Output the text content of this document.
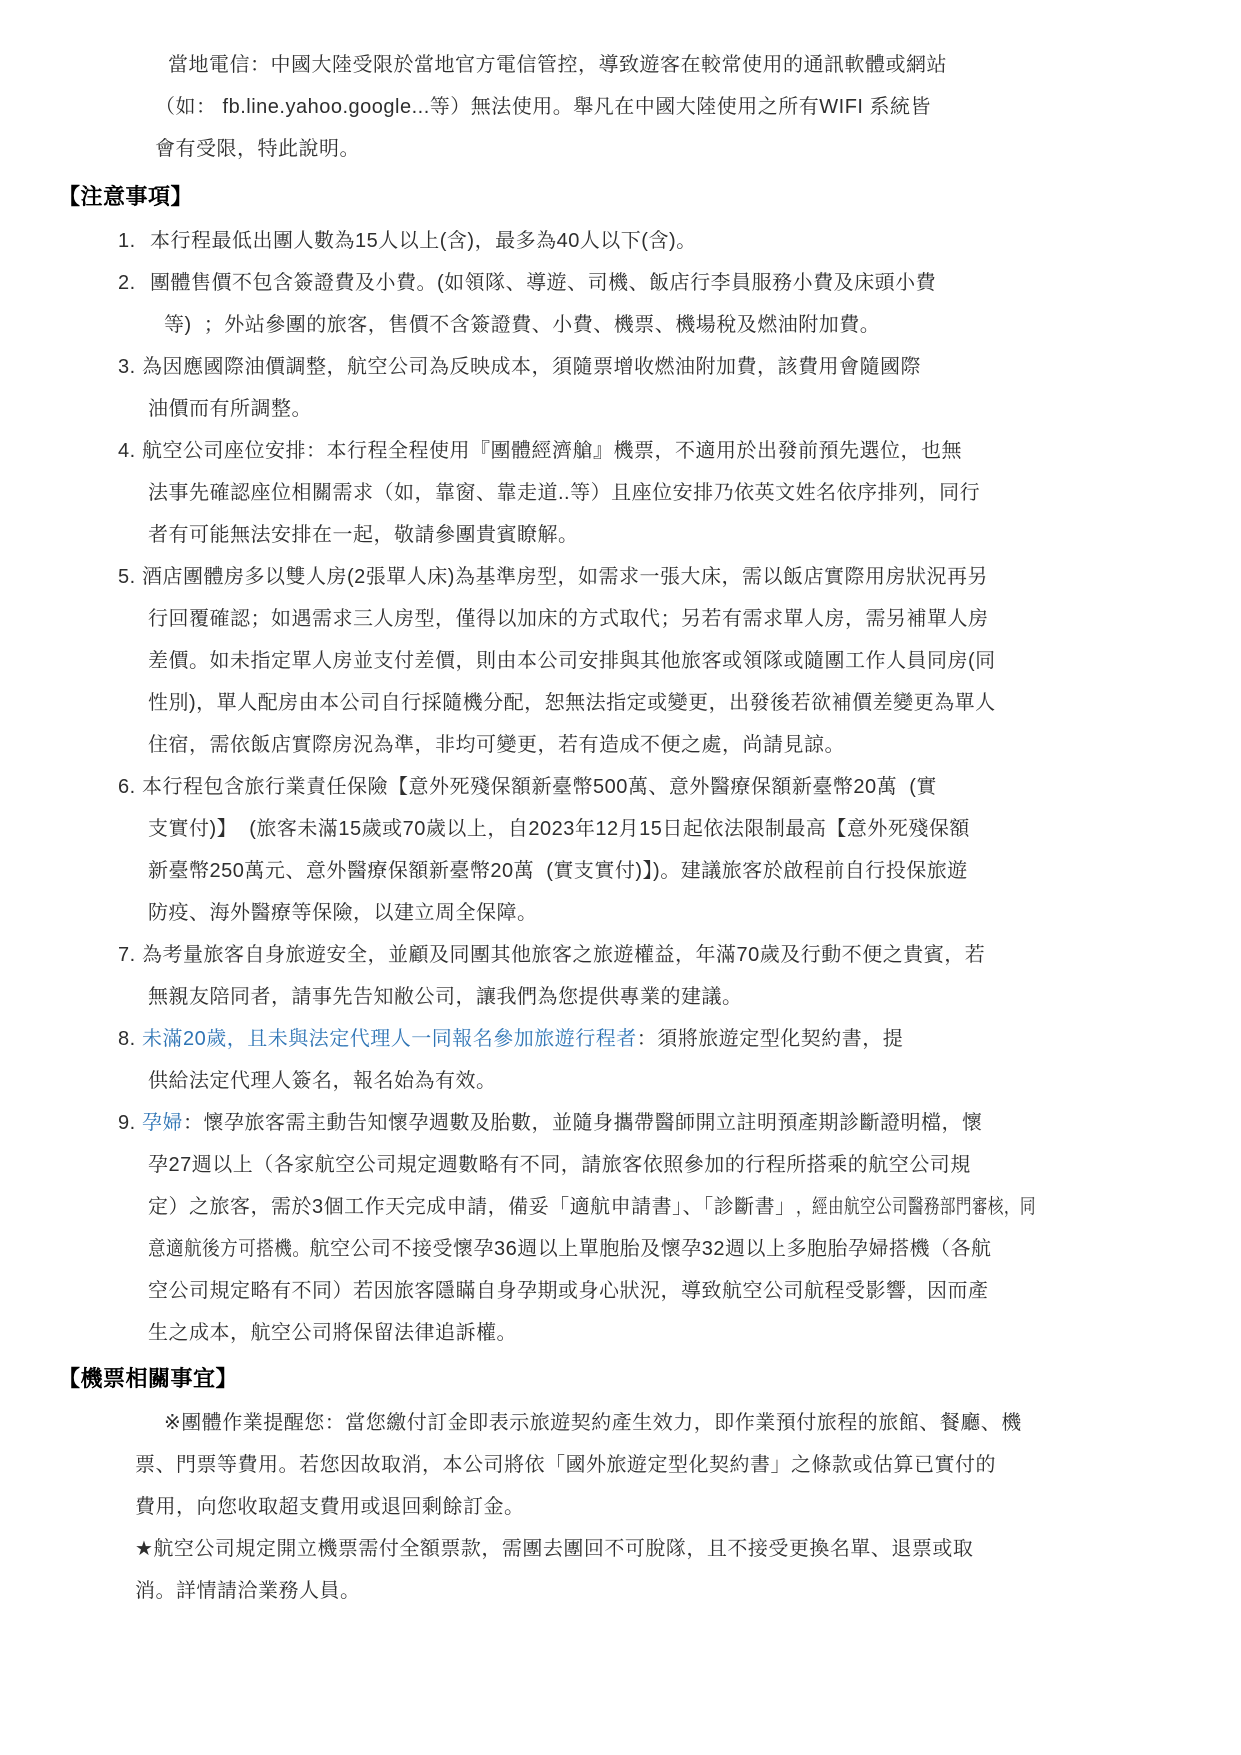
當地電信：中國大陸受限於當地官方電信管控，導致遊客在較常使用的通訊軟體或網站
（如： fb.line.yahoo.google...等）無法使用。舉凡在中國大陸使用之所有WIFI 系統皆
會有受限，特此說明。
【注意事項】
1. 本行程最低出團人數為15人以上(含)，最多為40人以下(含)。
2. 團體售價不包含簽證費及小費。(如領隊、導遊、司機、飯店行李員服務小費及床頭小費
等)  ；外站參團的旅客，售價不含簽證費、小費、機票、機場稅及燃油附加費。
3. 為因應國際油價調整，航空公司為反映成本，須隨票增收燃油附加費，該費用會隨國際
油價而有所調整。
4. 航空公司座位安排：本行程全程使用『團體經濟艙』機票，不適用於出發前預先選位，也無
法事先確認座位相關需求（如，靠窗、靠走道..等）且座位安排乃依英文姓名依序排列，同行
者有可能無法安排在一起，敬請參團貴賓瞭解。
5. 酒店團體房多以雙人房(2張單人床)為基準房型，如需求一張大床，需以飯店實際用房狀況再另
行回覆確認；如遇需求三人房型，僅得以加床的方式取代；另若有需求單人房，需另補單人房
差價。如未指定單人房並支付差價，則由本公司安排與其他旅客或領隊或隨團工作人員同房(同
性別)，單人配房由本公司自行採隨機分配，恕無法指定或變更，出發後若欲補價差變更為單人
住宿，需依飯店實際房況為準，非均可變更，若有造成不便之處，尚請見諒。
6. 本行程包含旅行業責任保險【意外死殘保額新臺幣500萬、意外醫療保額新臺幣20萬  (實
支實付)】  (旅客未滿15歲或70歲以上，自2023年12月15日起依法限制最高【意外死殘保額
新臺幣250萬元、意外醫療保額新臺幣20萬  (實支實付)】)。建議旅客於啟程前自行投保旅遊
防疫、海外醫療等保險，以建立周全保障。
7. 為考量旅客自身旅遊安全，並顧及同團其他旅客之旅遊權益，年滿70歲及行動不便之貴賓，若
無親友陪同者，請事先告知敝公司，讓我們為您提供專業的建議。
8. 未滿20歲，且未與法定代理人一同報名參加旅遊行程者：須將旅遊定型化契約書，提
供給法定代理人簽名，報名始為有效。
9. 孕婦：懷孕旅客需主動告知懷孕週數及胎數，並隨身攜帶醫師開立註明預產期診斷證明檔，懷
孕27週以上（各家航空公司規定週數略有不同，請旅客依照參加的行程所搭乘的航空公司規
定）之旅客，需於3個工作天完成申請，備妥「適航申請書」、「診斷書」，經由航空公司醫務部門審核，同
意適航後方可搭機。航空公司不接受懷孕36週以上單胞胎及懷孕32週以上多胞胎孕婦搭機（各航
空公司規定略有不同）若因旅客隱瞞自身孕期或身心狀況，導致航空公司航程受影響，因而產
生之成本，航空公司將保留法律追訴權。
【機票相關事宜】
※團體作業提醒您：當您繳付訂金即表示旅遊契約產生效力，即作業預付旅程的旅館、餐廳、機
票、門票等費用。若您因故取消，本公司將依「國外旅遊定型化契約書」之條款或估算已實付的
費用，向您收取超支費用或退回剩餘訂金。
★航空公司規定開立機票需付全額票款，需團去團回不可脫隊，且不接受更換名單、退票或取
消。詳情請洽業務人員。
